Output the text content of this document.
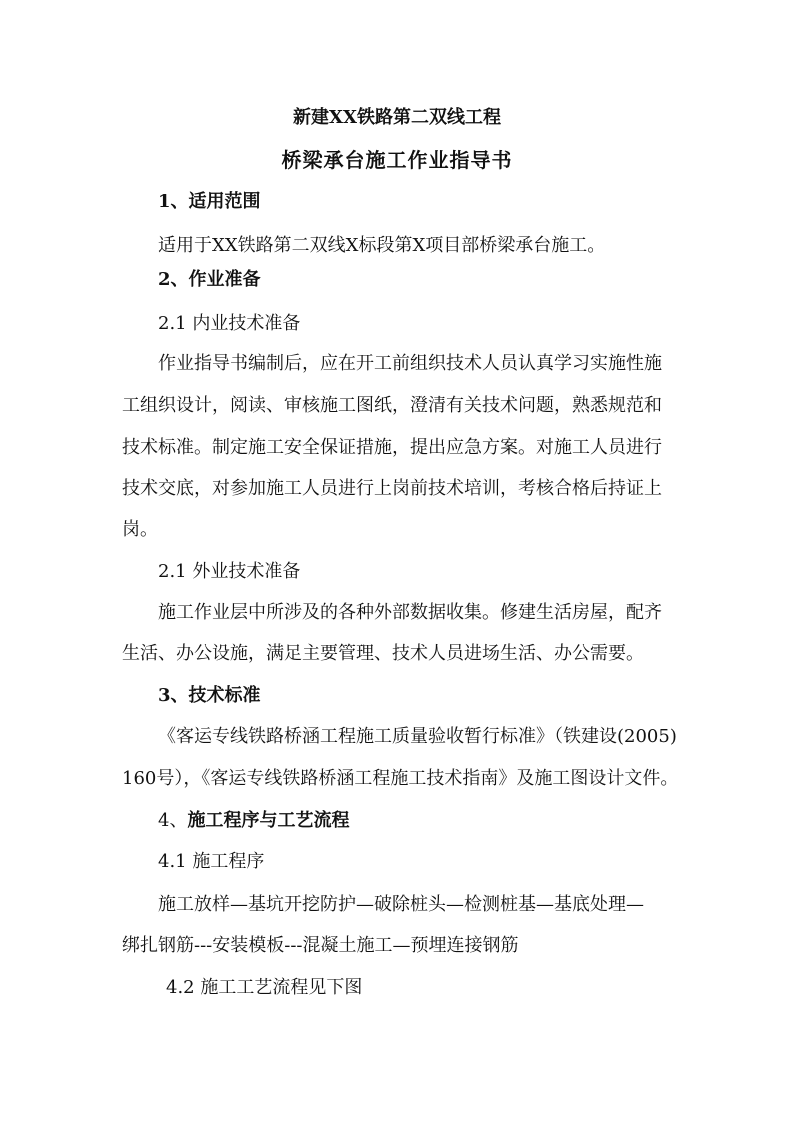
新建XX铁路第二双线工程
桥梁承台施工作业指导书
1、适用范围
适用于XX铁路第二双线X标段第X项目部桥梁承台施工。
2、作业准备
2.1 内业技术准备
作业指导书编制后，应在开工前组织技术人员认真学习实施性施
工组织设计，阅读、审核施工图纸，澄清有关技术问题，熟悉规范和
技术标准。制定施工安全保证措施，提出应急方案。对施工人员进行
技术交底，对参加施工人员进行上岗前技术培训，考核合格后持证上
岗。
2.1 外业技术准备
施工作业层中所涉及的各种外部数据收集。修建生活房屋，配齐
生活、办公设施，满足主要管理、技术人员进场生活、办公需要。
3、技术标准
《客运专线铁路桥涵工程施工质量验收暂行标准》（铁建设(2005)
160号），《客运专线铁路桥涵工程施工技术指南》及施工图设计文件。
4、施工程序与工艺流程
4.1 施工程序
施工放样—基坑开挖防护—破除桩头—检测桩基—基底处理—
绑扎钢筋---安装模板---混凝土施工—预埋连接钢筋
4.2 施工工艺流程见下图
